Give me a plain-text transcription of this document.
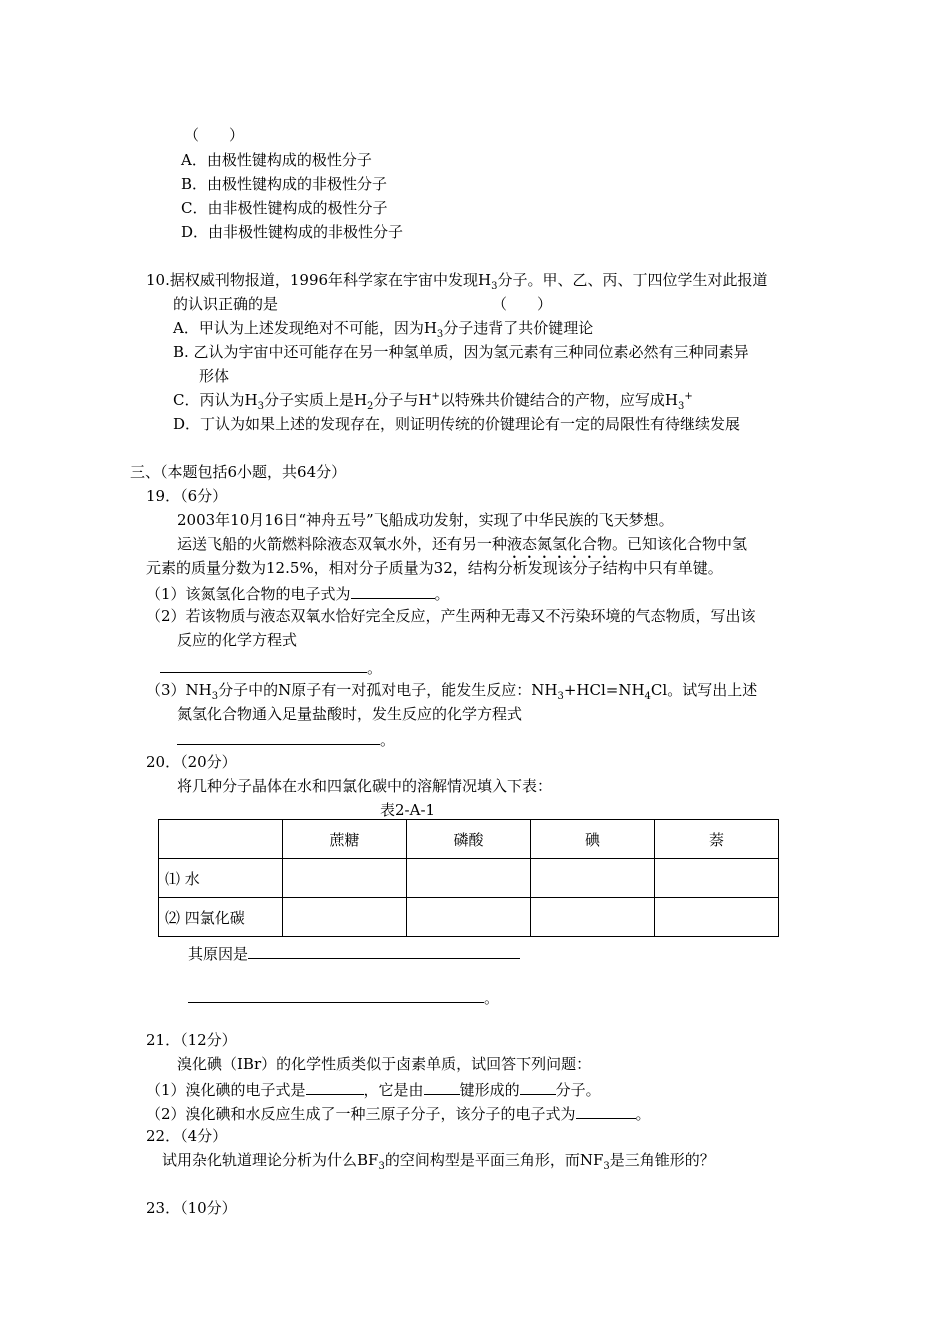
（　　）
A．由极性键构成的极性分子
B．由极性键构成的非极性分子
C．由非极性键构成的极性分子
D．由非极性键构成的非极性分子
10.据权威刊物报道，1996年科学家在宇宙中发现$H_3$分子。甲、乙、丙、丁四位学生对此报道
的认识正确的是	（　　）
A．甲认为上述发现绝对不可能，因为$H_3$分子违背了共价键理论
B. 乙认为宇宙中还可能存在另一种氢单质，因为氢元素有三种同位素必然有三种同素异
形体
C．丙认为$H_3$分子实质上是$H_2$分子与H+以特殊共价键结合的产物，应写成$H_3^+$
D．丁认为如果上述的发现存在，则证明传统的价键理论有一定的局限性有待继续发展
三、（本题包括6小题，共64分）
19．（6分）
2003年10月16日“神舟五号”飞船成功发射，实现了中华民族的飞天梦想。
运送飞船的火箭燃料除液态双氧水外，还有另一种液态氮氢化合物。已知该化合物中氢
元素的质量分数为12.5%，相对分子质量为32，结构分析发现该分子结构中只有单键。
（1）该氮氢化合物的电子式为	。
（2）若该物质与液态双氧水恰好完全反应，产生两种无毒又不污染环境的气态物质，写出该
反应的化学方程式
。
$(3)NH_3$分子中的N原子有一对孤对电子，能发生反应：$NH_3+HCl=NH_4Cl$。试写出上述
氮氢化合物通入足量盐酸时，发生反应的化学方程式
。
20．（20分）
将几种分子晶体在水和四氯化碳中的溶解情况填入下表：
表2-A-1
	蔗糖	磷酸	碘	萘
⑴ 水				
⑵ 四氯化碳				
其原因是
。
21．（12分）
溴化碘（IBr）的化学性质类似于卤素单质，试回答下列问题：
（1）溴化碘的电子式是	，它是由 键形成的 分子。
（2）溴化碘和水反应生成了一种三原子分子，该分子的电子式为	。
22．（4分）
试用杂化轨道理论分析为什么$BF_3$的空间构型是平面三角形，而$NF_3$是三角锥形的？
23．（10分）
